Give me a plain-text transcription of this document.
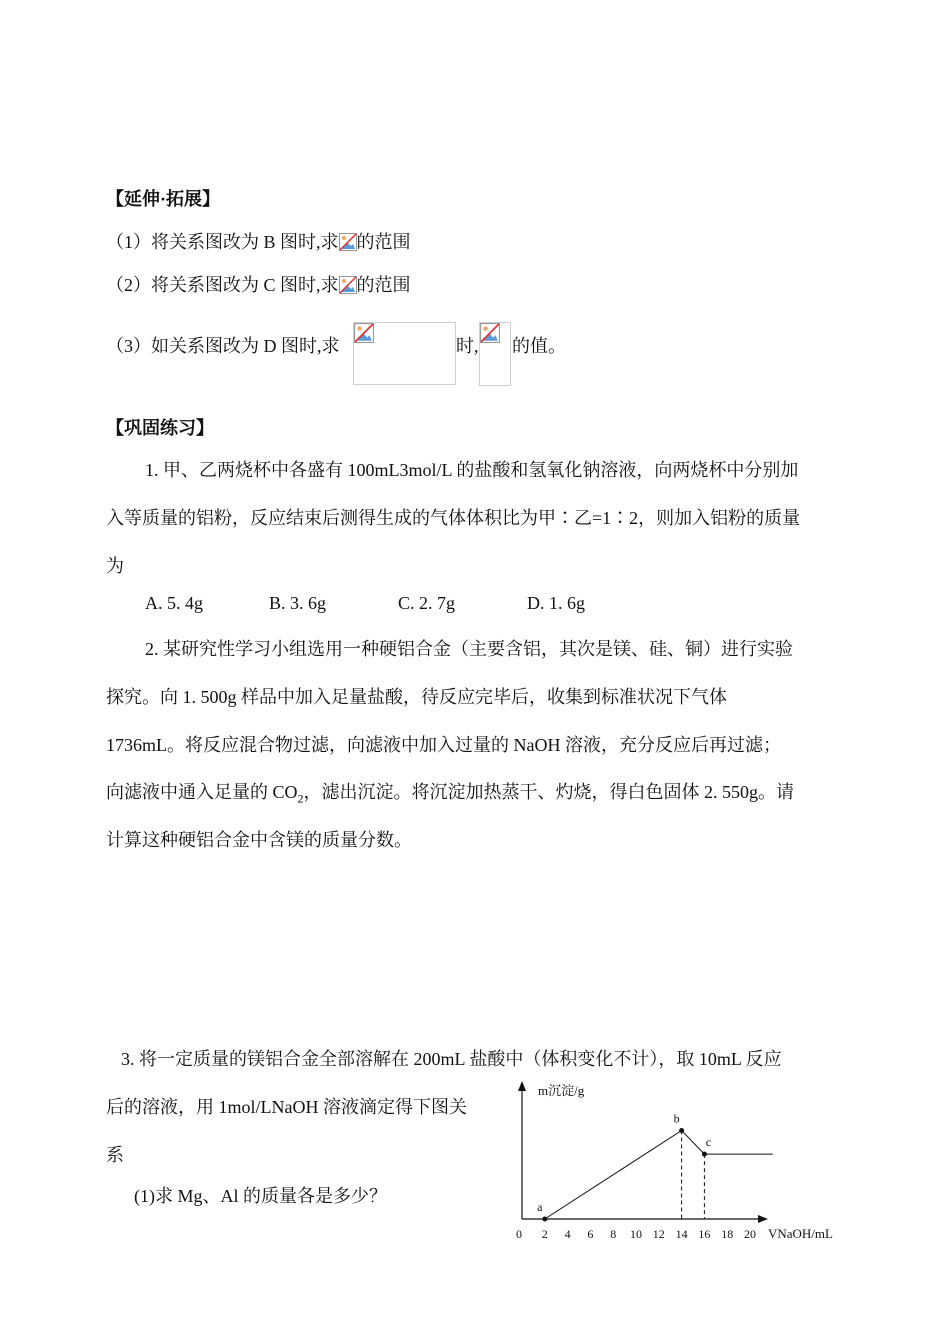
【延伸·拓展】
（1）将关系图改为 B 图时,求 的范围
（2）将关系图改为 C 图时,求 的范围
（3）如关系图改为 D 图时,求	时, 的值。
【巩固练习】
1. 甲、乙两烧杯中各盛有 100mL3mol/L 的盐酸和氢氧化钠溶液，向两烧杯中分别加
入等质量的铝粉，反应结束后测得生成的气体体积比为甲∶乙=1∶2，则加入铝粉的质量
为
A. 5. 4g	B. 3. 6g	C. 2. 7g	D. 1. 6g
2. 某研究性学习小组选用一种硬铝合金（主要含铝，其次是镁、硅、铜）进行实验
探究。向 1. 500g 样品中加入足量盐酸，待反应完毕后，收集到标准状况下气体
1736mL。将反应混合物过滤，向滤液中加入过量的 NaOH 溶液，充分反应后再过滤；
向滤液中通入足量的 $CO_2$，滤出沉淀。将沉淀加热蒸干、灼烧，得白色固体 2. 550g。请
计算这种硬铝合金中含镁的质量分数。
3. 将一定质量的镁铝合金全部溶解在 200mL 盐酸中（体积变化不计），取 10mL 反应
后的溶液，用 1mol/LNaOH 溶液滴定得下图关
系
(1)求 Mg、Al 的质量各是多少？
2 4 6 8 10 12 14 16 18 20
a
b
c
m沉淀/g
VNaOH/mL
0
